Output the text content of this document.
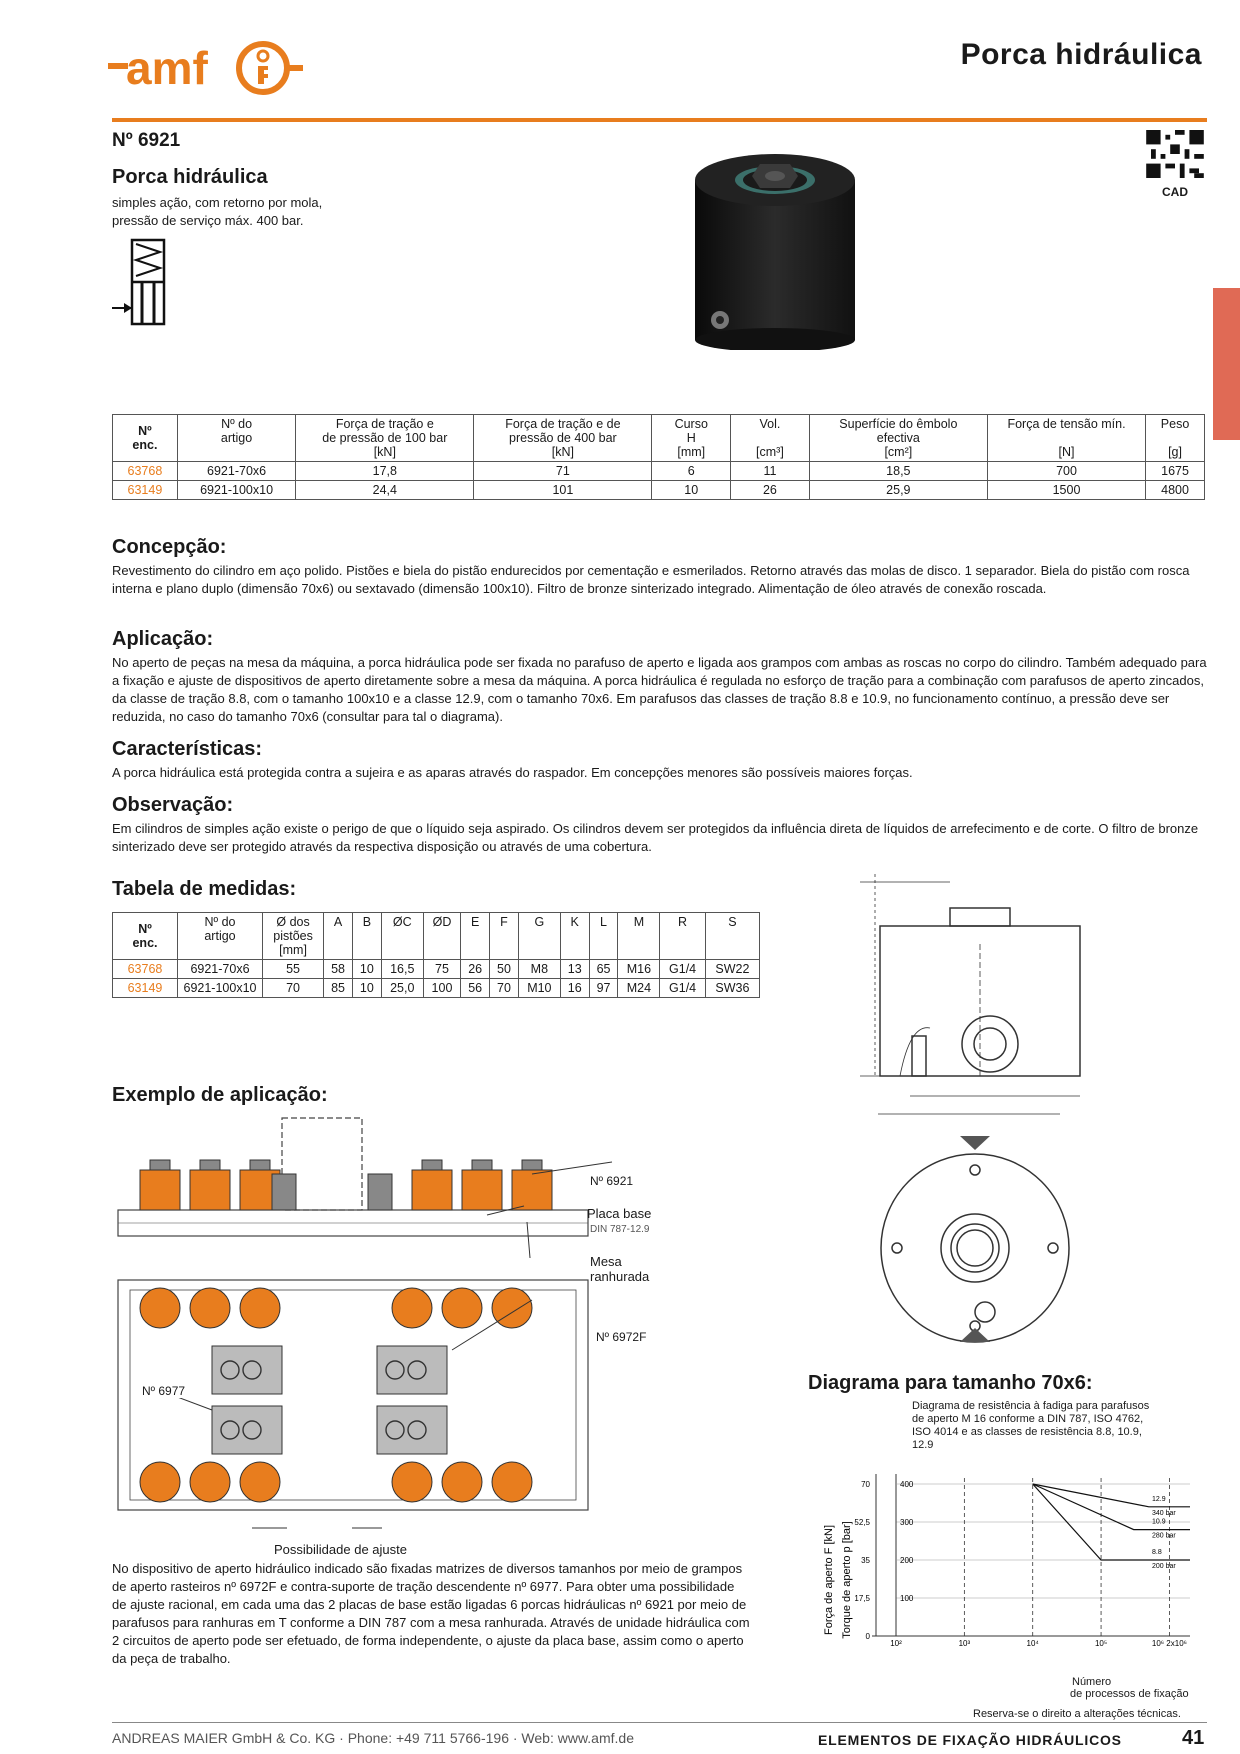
amf	Porca hidráulica
Nº 6921
Porca hidráulica
simples ação, com retorno por mola,
pressão de serviço máx. 400 bar.
CAD
Nº
enc.	Nº do
artigo	Força de tração e
de pressão de 100 bar
[kN]	Força de tração e de
pressão de 400 bar
[kN]	Curso
H
[mm]	Vol.

[cm³]	Superfície do êmbolo
efectiva
[cm²]	Força de tensão mín.

[N]	Peso

[g]
63768	6921-70x6	17,8	71	6	11	18,5	700	1675
63149	6921-100x10	24,4	101	10	26	25,9	1500	4800
Concepção:
Revestimento do cilindro em aço polido. Pistões e biela do pistão endurecidos por cementação e esmerilados. Retorno através das molas de disco. 1 separador. Biela do pistão com rosca interna e plano duplo (dimensão 70x6) ou sextavado (dimensão 100x10). Filtro de bronze sinterizado integrado. Alimentação de óleo através de conexão roscada.
Aplicação:
No aperto de peças na mesa da máquina, a porca hidráulica pode ser fixada no parafuso de aperto e ligada aos grampos com ambas as roscas no corpo do cilindro. Também adequado para a fixação e ajuste de dispositivos de aperto diretamente sobre a mesa da máquina. A porca hidráulica é regulada no esforço de tração para a combinação com parafusos de aperto zincados, da classe de tração 8.8, com o tamanho 100x10 e a classe 12.9, com o tamanho 70x6. Em parafusos das classes de tração 8.8 e 10.9, no funcionamento contínuo, a pressão deve ser reduzida, no caso do tamanho 70x6 (consultar para tal o diagrama).
Características:
A porca hidráulica está protegida contra a sujeira e as aparas através do raspador. Em concepções menores são possíveis maiores forças.
Observação:
Em cilindros de simples ação existe o perigo de que o líquido seja aspirado. Os cilindros devem ser protegidos da influência direta de líquidos de arrefecimento e de corte. O filtro de bronze sinterizado deve ser protegido através da respectiva disposição ou através de uma cobertura.
Tabela de medidas:
Nº
enc.	Nº do
artigo	Ø dos
pistões
[mm]	A	B	ØC	ØD	E	F	G	K	L	M	R	S
63768	6921-70x6	55	58	10	16,5	75	26	50	M8	13	65	M16	G1/4	SW22
63149	6921-100x10	70	85	10	25,0	100	56	70	M10	16	97	M24	G1/4	SW36
Exemplo de aplicação:
Nº 6921
Placa base
DIN 787-12.9
Mesa ranhurada
Nº 6972F
Nº 6977
Possibilidade de ajuste
No dispositivo de aperto hidráulico indicado são fixadas matrizes de diversos tamanhos por meio de grampos de aperto rasteiros nº 6972F e contra-suporte de tração descendente nº 6977. Para obter uma possibilidade de ajuste racional, em cada uma das 2 placas de base estão ligadas 6 porcas hidráulicas nº 6921 por meio de parafusos para ranhuras em T conforme a DIN 787 com a mesa ranhurada. Através de unidade hidráulica com 2 circuitos de aperto pode ser efetuado, de forma independente, o ajuste da placa base, assim como o aperto da peça de trabalho.
Diagrama para tamanho 70x6:
Diagrama de resistência à fadiga para parafusos de aperto M 16 conforme a DIN 787, ISO 4762, ISO 4014 e as classes de resistência 8.8, 10.9, 12.9
Força de aperto F [kN] Torque de aperto p [bar]
400
300
200
100
70
52,5
35
17,5
0
10²	10³	10⁴	10⁵	10⁶ 2x10⁶
12.9
340 bar
10.9
280 bar
8.8
200 bar
Número
de processos de fixação
Reserva-se o direito a alterações técnicas.
ANDREAS MAIER GmbH & Co. KG · Phone: +49 711 5766-196 · Web: www.amf.de	ELEMENTOS DE FIXAÇÃO HIDRÁULICOS	41
